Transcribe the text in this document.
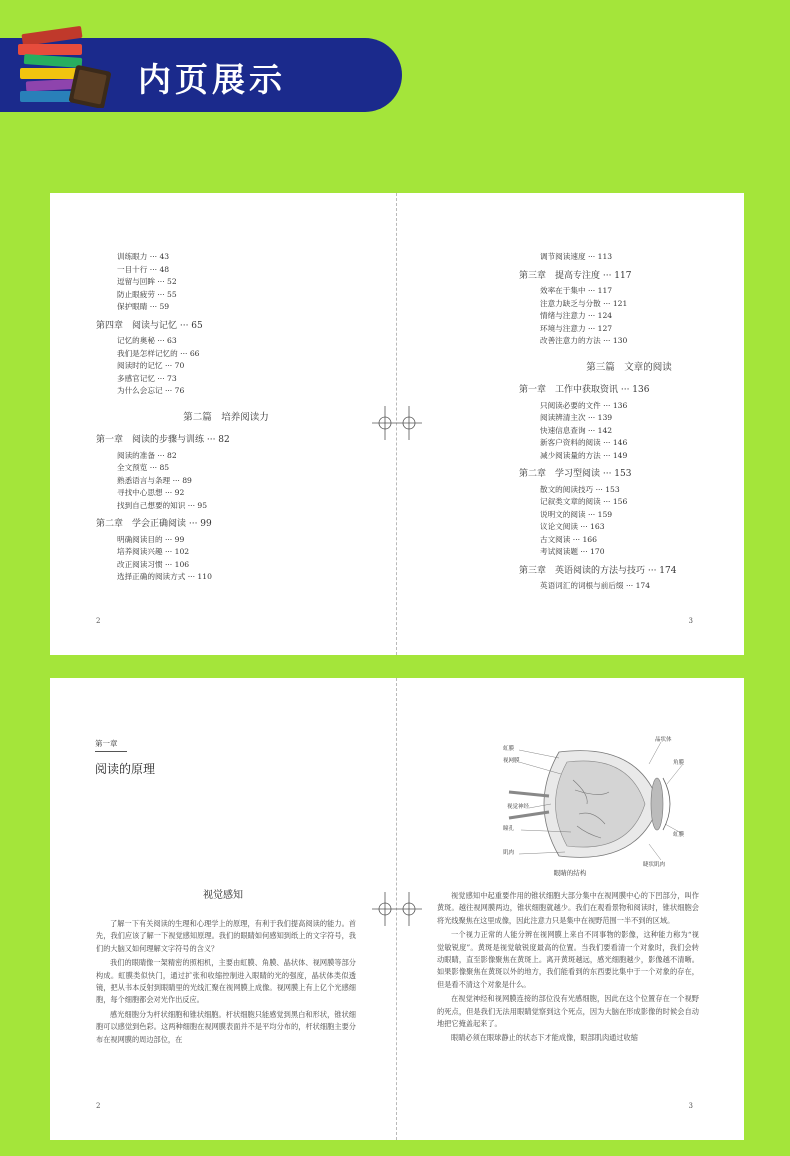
内页展示
训练眼力 ··· 43
一目十行 ··· 48
逗留与回眸 ··· 52
防止眼疲劳 ··· 55
保护眼睛 ··· 59
第四章　阅读与记忆 ··· 65
记忆的奥秘 ··· 63
我们是怎样记忆的 ··· 66
阅读时的记忆 ··· 70
多感官记忆 ··· 73
为什么会忘记 ··· 76
第二篇　培养阅读力
第一章　阅读的步骤与训练 ··· 82
阅读的准备 ··· 82
全文预览 ··· 85
熟悉语言与条理 ··· 89
寻找中心思想 ··· 92
找到自己想要的知识 ··· 95
第二章　学会正确阅读 ··· 99
明确阅读目的 ··· 99
培养阅读兴趣 ··· 102
改正阅读习惯 ··· 106
选择正确的阅读方式 ··· 110
2
调节阅读速度 ··· 113
第三章　提高专注度 ··· 117
效率在于集中 ··· 117
注意力缺乏与分散 ··· 121
情绪与注意力 ··· 124
环境与注意力 ··· 127
改善注意力的方法 ··· 130
第三篇　文章的阅读
第一章　工作中获取资讯 ··· 136
只阅读必要的文件 ··· 136
阅读辨清主次 ··· 139
快速信息查询 ··· 142
新客户资料的阅读 ··· 146
减少阅读量的方法 ··· 149
第二章　学习型阅读 ··· 153
散文的阅读技巧 ··· 153
记叙类文章的阅读 ··· 156
说明文的阅读 ··· 159
议论文阅读 ··· 163
古文阅读 ··· 166
考试阅读题 ··· 170
第三章　英语阅读的方法与技巧 ··· 174
英语词汇的词根与前后缀 ··· 174
3
第一章
阅读的原理
视觉感知

了解一下有关阅读的生理和心理学上的原理，有利于我们提高阅读的能力。首先，我们应该了解一下视觉感知原理。我们的眼睛如何感知到纸上的文字符号，我们的大脑又如何理解文字符号的含义？

我们的眼睛像一架精密的照相机，主要由虹膜、角膜、晶状体、视网膜等部分构成。虹膜类似快门，通过扩张和收缩控制进入眼睛的光的强度，晶状体类似透镜，把从书本反射到眼睛里的光线汇聚在视网膜上成像。视网膜上有上亿个光感细胞，每个细胞都会对光作出反应。

感光细胞分为杆状细胞和锥状细胞。杆状细胞只能感觉到黑白和形状，锥状细胞可以感觉到色彩。这两种细胞在视网膜表面并不是平均分布的，杆状细胞主要分布在视网膜的周边部位，在

2
虹膜
视网膜
视觉神经
瞳孔
肌肉
晶状体
角膜
虹膜
睫状肌肉
眼睛的结构

视觉感知中起重要作用的锥状细胞大部分集中在视网膜中心的下凹部分，叫作黄斑。越往视网膜两边，锥状细胞就越少。我们在观看景物和阅读时，锥状细胞会将光线聚焦在这里成像，因此注意力只是集中在视野范围一半不到的区域。

一个视力正常的人能分辨在视网膜上来自不同事物的影像，这种能力称为“视觉敏锐度”。黄斑是视觉敏锐度最高的位置。当我们要看清一个对象时，我们会转动眼睛，直至影像聚焦在黄斑上。离开黄斑越远，感光细胞越少，影像越不清晰。如果影像聚焦在黄斑以外的地方，我们能看到的东西要比集中于一个对象的存在，但是看不清这个对象是什么。

在视觉神经和视网膜连接的部位没有光感细胞，因此在这个位置存在一个视野的死点，但是我们无法用眼睛觉察到这个死点，因为大脑在形成影像的时候会自动地把它掩盖起来了。

眼睛必须在眼球静止的状态下才能成像，眼部肌肉通过收缩

3
